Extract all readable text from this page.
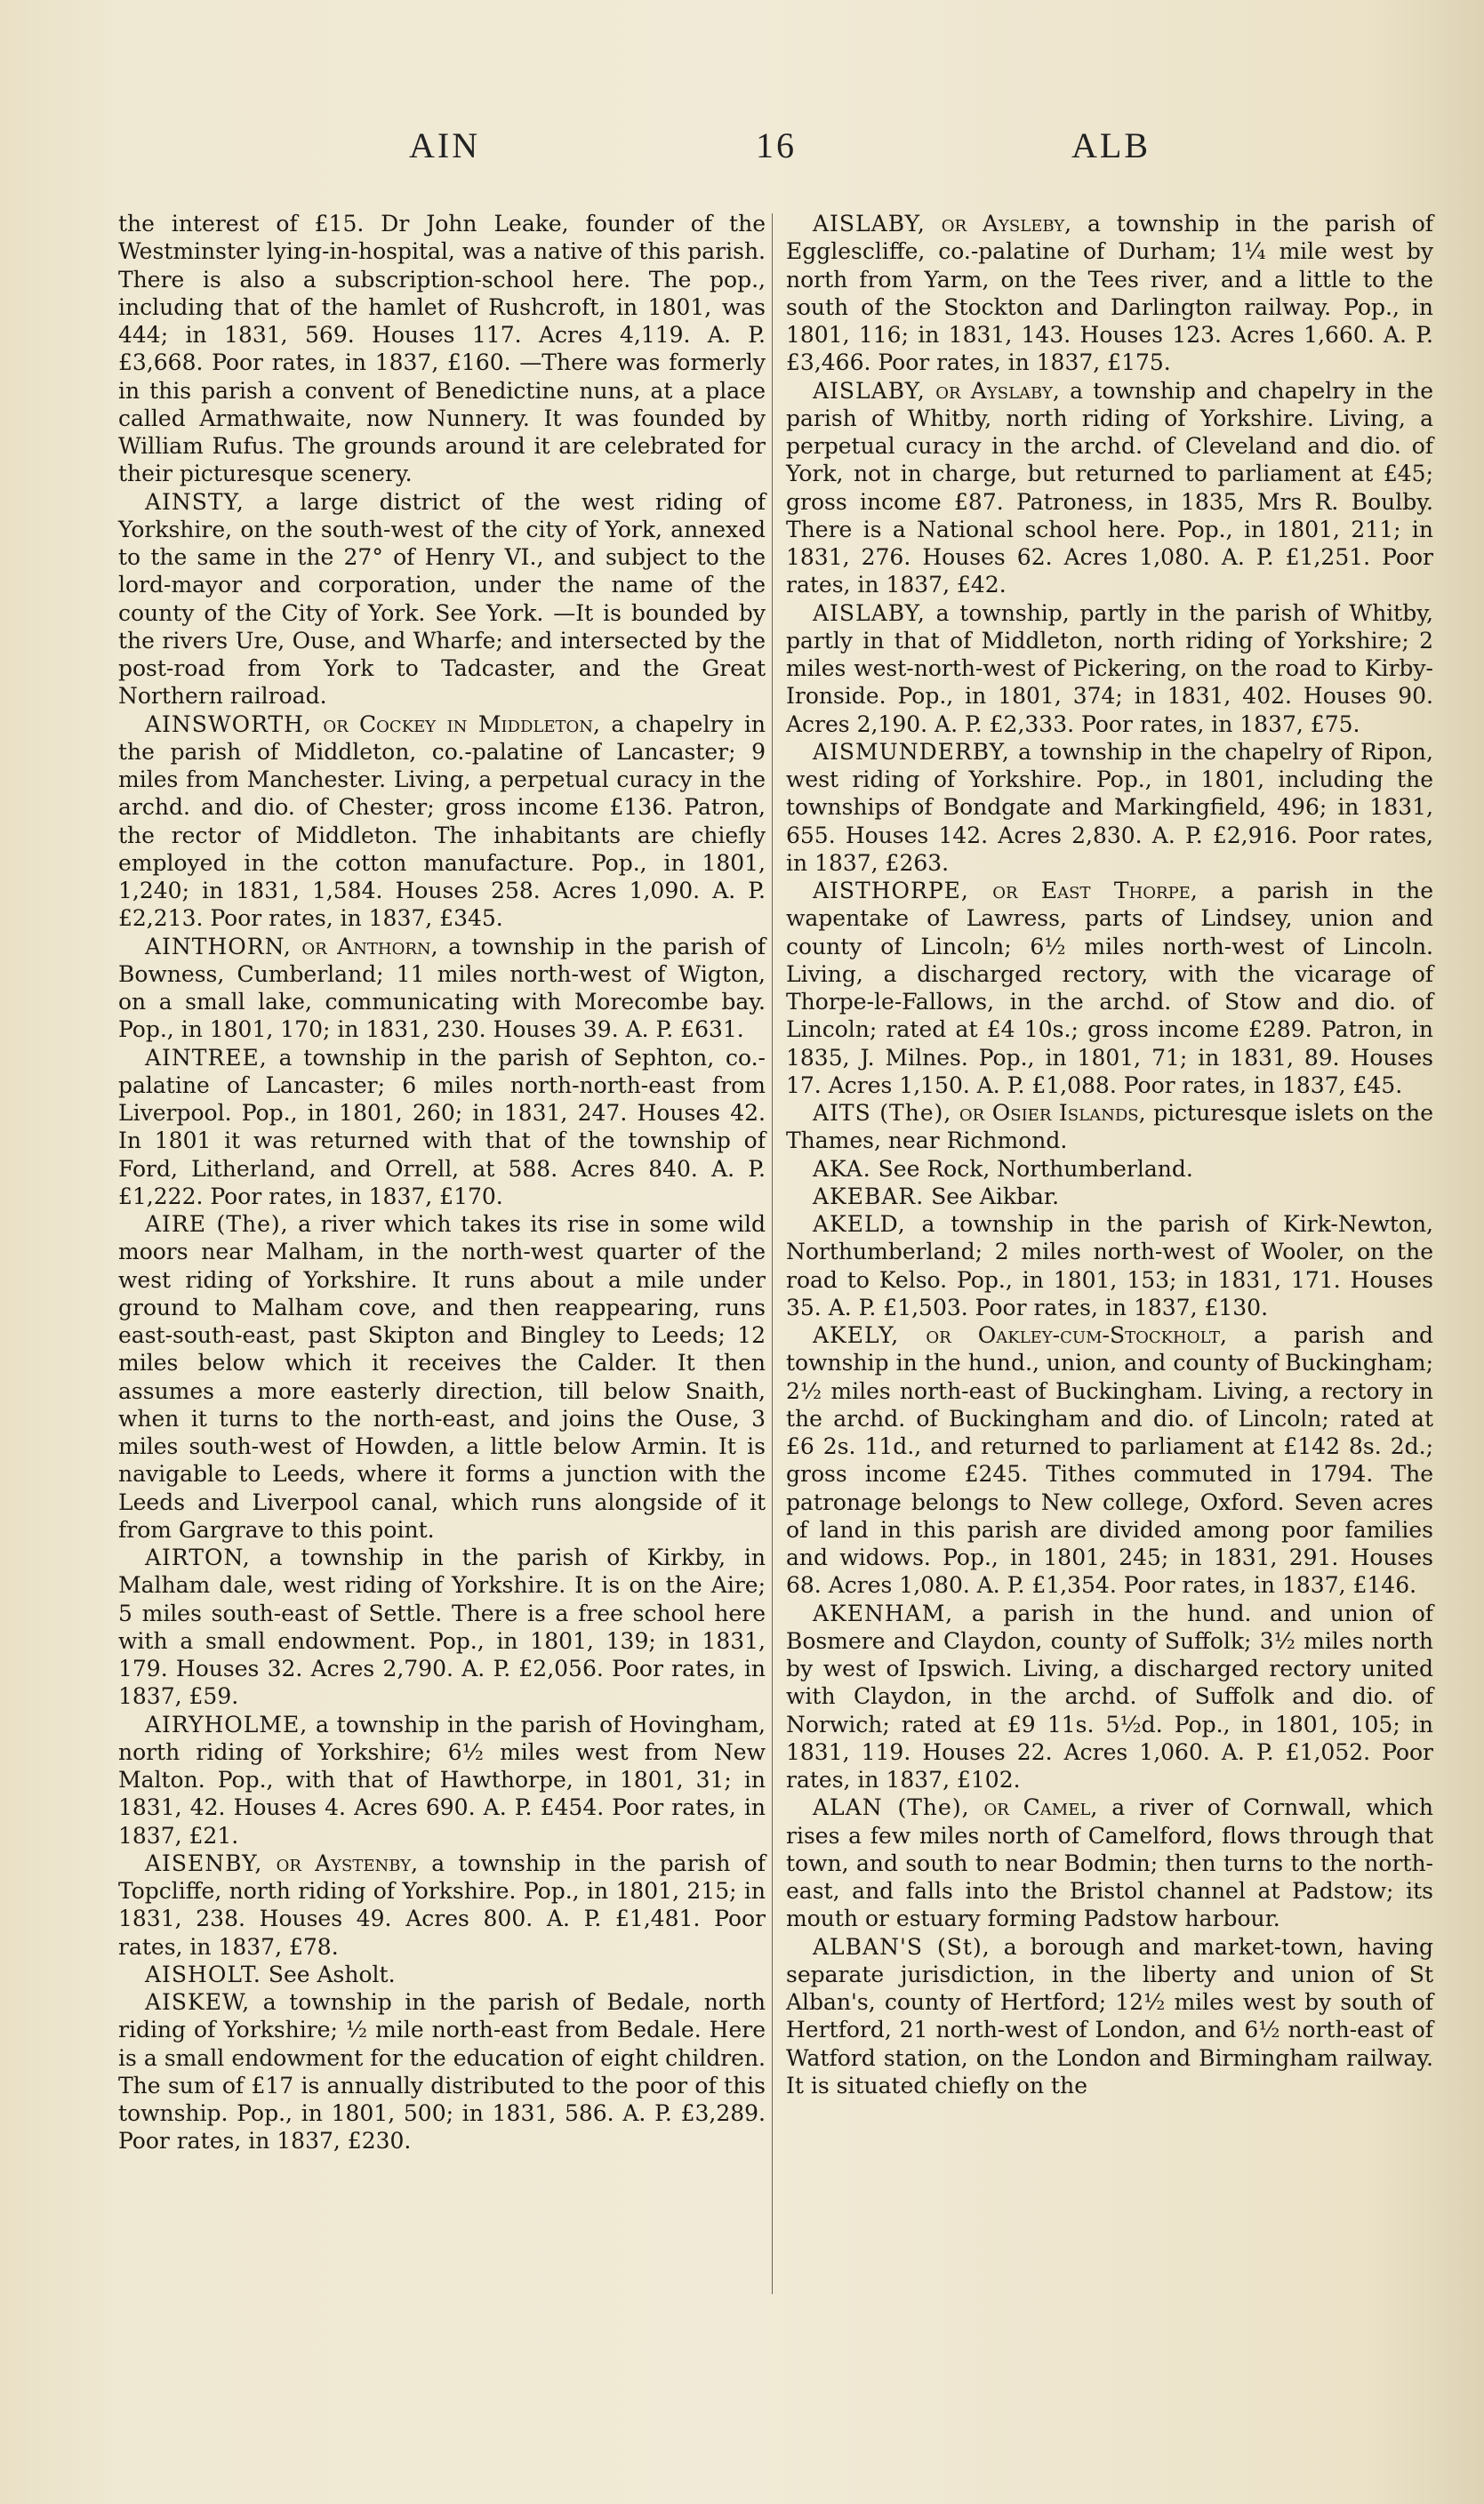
AIN	16	ALB

the interest of £15. Dr John Leake, founder of the Westminster lying-in-hospital, was a native of this parish. There is also a subscription-school here. The pop., including that of the hamlet of Rushcroft, in 1801, was 444; in 1831, 569. Houses 117. Acres 4,119. A. P. £3,668. Poor rates, in 1837, £160. —There was formerly in this parish a convent of Benedictine nuns, at a place called Armathwaite, now Nunnery. It was founded by William Rufus. The grounds around it are celebrated for their picturesque scenery.

AINSTY, a large district of the west riding of Yorkshire, on the south-west of the city of York, annexed to the same in the 27° of Henry VI., and subject to the lord-mayor and corporation, under the name of the county of the City of York. See York. —It is bounded by the rivers Ure, Ouse, and Wharfe; and intersected by the post-road from York to Tadcaster, and the Great Northern railroad.

AINSWORTH, or Cockey in Middleton, a chapelry in the parish of Middleton, co.-palatine of Lancaster; 9 miles from Manchester. Living, a perpetual curacy in the archd. and dio. of Chester; gross income £136. Patron, the rector of Middleton. The inhabitants are chiefly employed in the cotton manufacture. Pop., in 1801, 1,240; in 1831, 1,584. Houses 258. Acres 1,090. A. P. £2,213. Poor rates, in 1837, £345.

AINTHORN, or Anthorn, a township in the parish of Bowness, Cumberland; 11 miles north-west of Wigton, on a small lake, communicating with Morecombe bay. Pop., in 1801, 170; in 1831, 230. Houses 39. A. P. £631.

AINTREE, a township in the parish of Sephton, co.-palatine of Lancaster; 6 miles north-north-east from Liverpool. Pop., in 1801, 260; in 1831, 247. Houses 42. In 1801 it was returned with that of the township of Ford, Litherland, and Orrell, at 588. Acres 840. A. P. £1,222. Poor rates, in 1837, £170.

AIRE (The), a river which takes its rise in some wild moors near Malham, in the north-west quarter of the west riding of Yorkshire. It runs about a mile under ground to Malham cove, and then reappearing, runs east-south-east, past Skipton and Bingley to Leeds; 12 miles below which it receives the Calder. It then assumes a more easterly direction, till below Snaith, when it turns to the north-east, and joins the Ouse, 3 miles south-west of Howden, a little below Armin. It is navigable to Leeds, where it forms a junction with the Leeds and Liverpool canal, which runs alongside of it from Gargrave to this point.

AIRTON, a township in the parish of Kirkby, in Malham dale, west riding of Yorkshire. It is on the Aire; 5 miles south-east of Settle. There is a free school here with a small endowment. Pop., in 1801, 139; in 1831, 179. Houses 32. Acres 2,790. A. P. £2,056. Poor rates, in 1837, £59.

AIRYHOLME, a township in the parish of Hovingham, north riding of Yorkshire; 6½ miles west from New Malton. Pop., with that of Hawthorpe, in 1801, 31; in 1831, 42. Houses 4. Acres 690. A. P. £454. Poor rates, in 1837, £21.

AISENBY, or Aystenby, a township in the parish of Topcliffe, north riding of Yorkshire. Pop., in 1801, 215; in 1831, 238. Houses 49. Acres 800. A. P. £1,481. Poor rates, in 1837, £78.

AISHOLT. See Asholt.

AISKEW, a township in the parish of Bedale, north riding of Yorkshire; ½ mile north-east from Bedale. Here is a small endowment for the education of eight children. The sum of £17 is annually distributed to the poor of this township. Pop., in 1801, 500; in 1831, 586. A. P. £3,289. Poor rates, in 1837, £230.

AISLABY, or Aysleby, a township in the parish of Egglescliffe, co.-palatine of Durham; 1¼ mile west by north from Yarm, on the Tees river, and a little to the south of the Stockton and Darlington railway. Pop., in 1801, 116; in 1831, 143. Houses 123. Acres 1,660. A. P. £3,466. Poor rates, in 1837, £175.

AISLABY, or Ayslaby, a township and chapelry in the parish of Whitby, north riding of Yorkshire. Living, a perpetual curacy in the archd. of Cleveland and dio. of York, not in charge, but returned to parliament at £45; gross income £87. Patroness, in 1835, Mrs R. Boulby. There is a National school here. Pop., in 1801, 211; in 1831, 276. Houses 62. Acres 1,080. A. P. £1,251. Poor rates, in 1837, £42.

AISLABY, a township, partly in the parish of Whitby, partly in that of Middleton, north riding of Yorkshire; 2 miles west-north-west of Pickering, on the road to Kirby-Ironside. Pop., in 1801, 374; in 1831, 402. Houses 90. Acres 2,190. A. P. £2,333. Poor rates, in 1837, £75.

AISMUNDERBY, a township in the chapelry of Ripon, west riding of Yorkshire. Pop., in 1801, including the townships of Bondgate and Markingfield, 496; in 1831, 655. Houses 142. Acres 2,830. A. P. £2,916. Poor rates, in 1837, £263.

AISTHORPE, or East Thorpe, a parish in the wapentake of Lawress, parts of Lindsey, union and county of Lincoln; 6½ miles north-west of Lincoln. Living, a discharged rectory, with the vicarage of Thorpe-le-Fallows, in the archd. of Stow and dio. of Lincoln; rated at £4 10s.; gross income £289. Patron, in 1835, J. Milnes. Pop., in 1801, 71; in 1831, 89. Houses 17. Acres 1,150. A. P. £1,088. Poor rates, in 1837, £45.

AITS (The), or Osier Islands, picturesque islets on the Thames, near Richmond.

AKA. See Rock, Northumberland.

AKEBAR. See Aikbar.

AKELD, a township in the parish of Kirk-Newton, Northumberland; 2 miles north-west of Wooler, on the road to Kelso. Pop., in 1801, 153; in 1831, 171. Houses 35. A. P. £1,503. Poor rates, in 1837, £130.

AKELY, or Oakley-cum-Stockholt, a parish and township in the hund., union, and county of Buckingham; 2½ miles north-east of Buckingham. Living, a rectory in the archd. of Buckingham and dio. of Lincoln; rated at £6 2s. 11d., and returned to parliament at £142 8s. 2d.; gross income £245. Tithes commuted in 1794. The patronage belongs to New college, Oxford. Seven acres of land in this parish are divided among poor families and widows. Pop., in 1801, 245; in 1831, 291. Houses 68. Acres 1,080. A. P. £1,354. Poor rates, in 1837, £146.

AKENHAM, a parish in the hund. and union of Bosmere and Claydon, county of Suffolk; 3½ miles north by west of Ipswich. Living, a discharged rectory united with Claydon, in the archd. of Suffolk and dio. of Norwich; rated at £9 11s. 5½d. Pop., in 1801, 105; in 1831, 119. Houses 22. Acres 1,060. A. P. £1,052. Poor rates, in 1837, £102.

ALAN (The), or Camel, a river of Cornwall, which rises a few miles north of Camelford, flows through that town, and south to near Bodmin; then turns to the north-east, and falls into the Bristol channel at Padstow; its mouth or estuary forming Padstow harbour.

ALBAN'S (St), a borough and market-town, having separate jurisdiction, in the liberty and union of St Alban's, county of Hertford; 12½ miles west by south of Hertford, 21 north-west of London, and 6½ north-east of Watford station, on the London and Birmingham railway. It is situated chiefly on the
